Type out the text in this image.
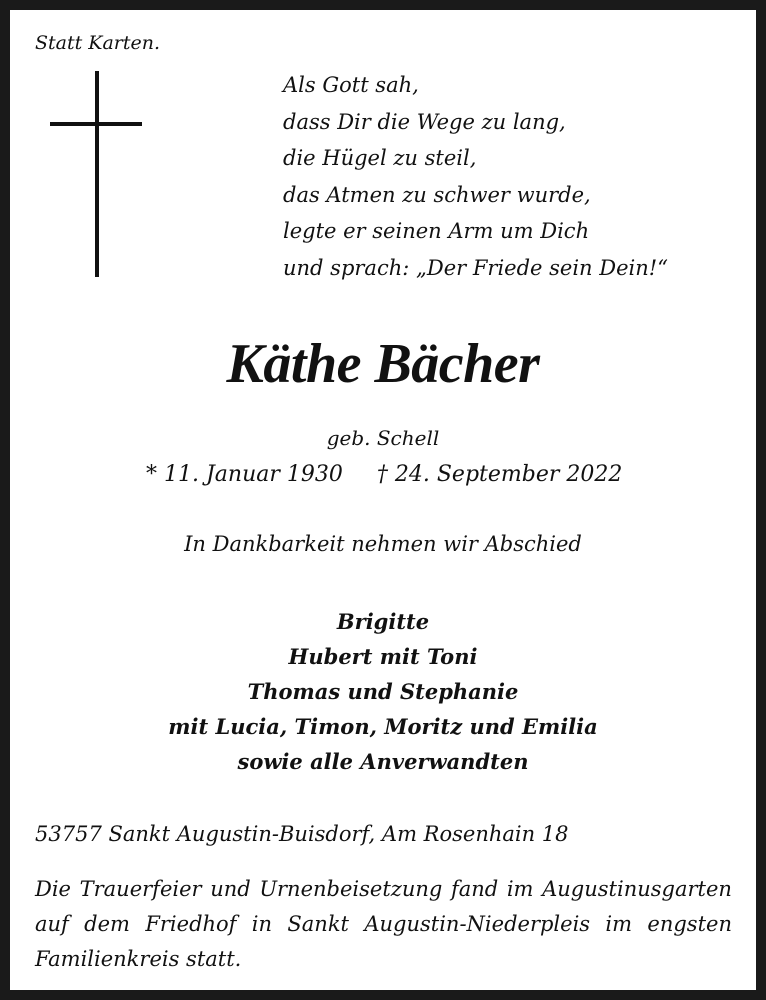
Statt Karten.
Als Gott sah,
dass Dir die Wege zu lang,
die Hügel zu steil,
das Atmen zu schwer wurde,
legte er seinen Arm um Dich
und sprach: „Der Friede sein Dein!“
Käthe Bächer
geb. Schell
* 11. Januar 1930 † 24. September 2022
In Dankbarkeit nehmen wir Abschied
Brigitte
Hubert mit Toni
Thomas und Stephanie
mit Lucia, Timon, Moritz und Emilia
sowie alle Anverwandten
53757 Sankt Augustin-Buisdorf, Am Rosenhain 18
Die Trauerfeier und Urnenbeisetzung fand im Augustinusgarten
auf dem Friedhof in Sankt Augustin-Niederpleis im engsten
Familienkreis statt.
